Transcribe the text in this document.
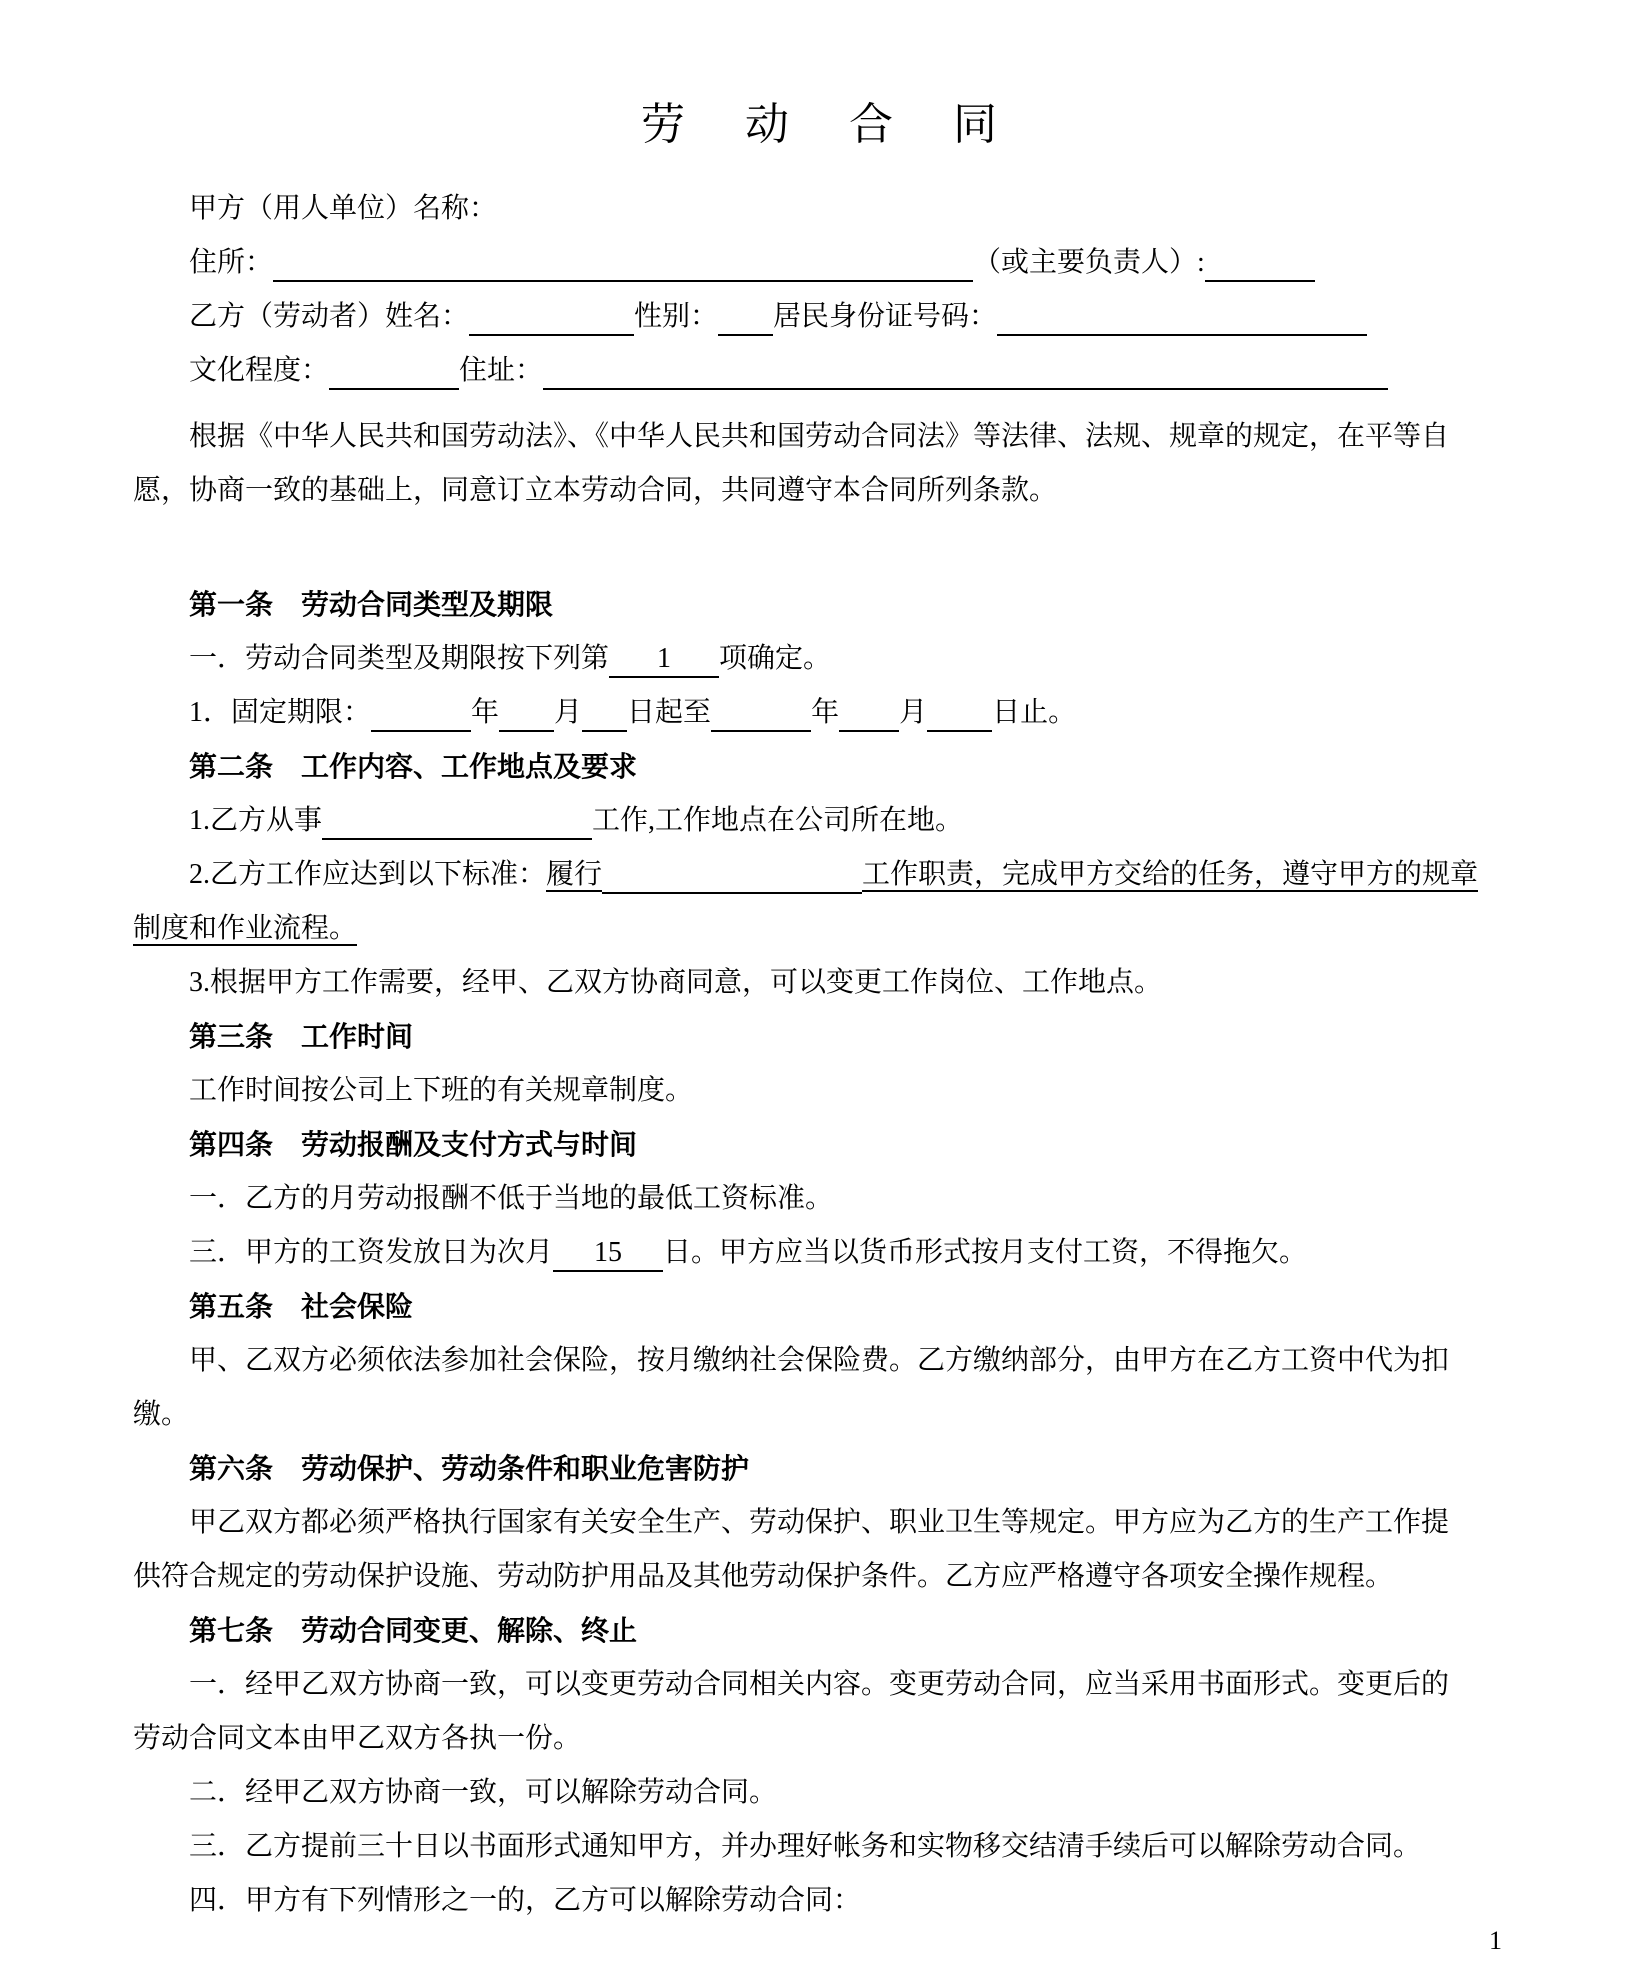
劳　动　合　同
甲方（用人单位）名称：
住所：	（或主要负责人）:
乙方（劳动者）姓名：	性别： 居民身份证号码：
文化程度：	住址：
根据《中华人民共和国劳动法》、《中华人民共和国劳动合同法》等法律、法规、规章的规定，在平等自
愿，协商一致的基础上，同意订立本劳动合同，共同遵守本合同所列条款。
第一条　劳动合同类型及期限
一．劳动合同类型及期限按下列第 1 项确定。
1．固定期限：	年 月 日起至	年 月 日止。
第二条　工作内容、工作地点及要求
1.乙方从事	工作,工作地点在公司所在地。
2.乙方工作应达到以下标准：履行	工作职责，完成甲方交给的任务，遵守甲方的规章
制度和作业流程。
3.根据甲方工作需要，经甲、乙双方协商同意，可以变更工作岗位、工作地点。
第三条　工作时间
工作时间按公司上下班的有关规章制度。
第四条　劳动报酬及支付方式与时间
一．乙方的月劳动报酬不低于当地的最低工资标准。
三．甲方的工资发放日为次月 15 日。甲方应当以货币形式按月支付工资，不得拖欠。
第五条　社会保险
甲、乙双方必须依法参加社会保险，按月缴纳社会保险费。乙方缴纳部分，由甲方在乙方工资中代为扣
缴。
第六条　劳动保护、劳动条件和职业危害防护
甲乙双方都必须严格执行国家有关安全生产、劳动保护、职业卫生等规定。甲方应为乙方的生产工作提
供符合规定的劳动保护设施、劳动防护用品及其他劳动保护条件。乙方应严格遵守各项安全操作规程。
第七条　劳动合同变更、解除、终止
一．经甲乙双方协商一致，可以变更劳动合同相关内容。变更劳动合同，应当采用书面形式。变更后的
劳动合同文本由甲乙双方各执一份。
二．经甲乙双方协商一致，可以解除劳动合同。
三．乙方提前三十日以书面形式通知甲方，并办理好帐务和实物移交结清手续后可以解除劳动合同。
四．甲方有下列情形之一的，乙方可以解除劳动合同：
1
